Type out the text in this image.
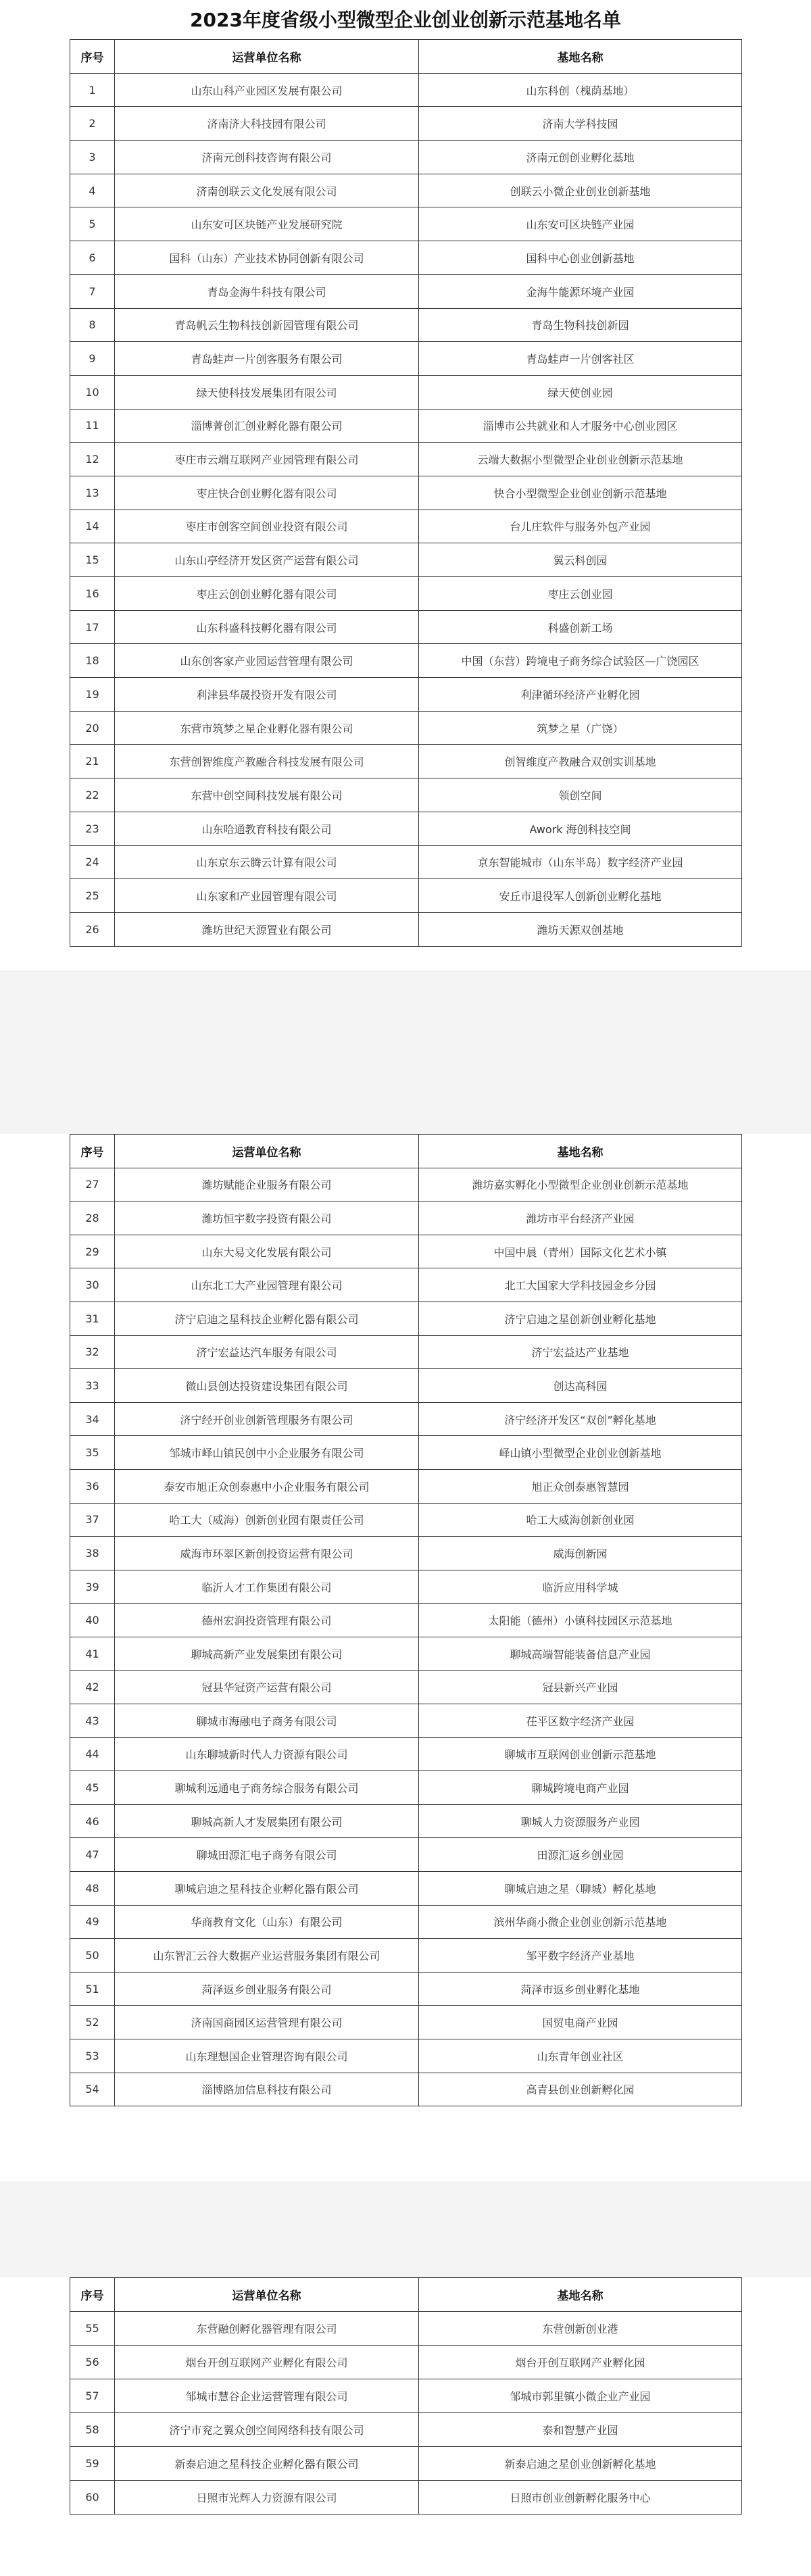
2023年度省级小型微型企业创业创新示范基地名单
序号	运营单位名称	基地名称
1	山东山科产业园区发展有限公司	山东科创（槐荫基地）
2	济南济大科技园有限公司	济南大学科技园
3	济南元创科技咨询有限公司	济南元创创业孵化基地
4	济南创联云文化发展有限公司	创联云小微企业创业创新基地
5	山东安可区块链产业发展研究院	山东安可区块链产业园
6	国科（山东）产业技术协同创新有限公司	国科中心创业创新基地
7	青岛金海牛科技有限公司	金海牛能源环境产业园
8	青岛帆云生物科技创新园管理有限公司	青岛生物科技创新园
9	青岛蛙声一片创客服务有限公司	青岛蛙声一片创客社区
10	绿天使科技发展集团有限公司	绿天使创业园
11	淄博菁创汇创业孵化器有限公司	淄博市公共就业和人才服务中心创业园区
12	枣庄市云端互联网产业园管理有限公司	云端大数据小型微型企业创业创新示范基地
13	枣庄快合创业孵化器有限公司	快合小型微型企业创业创新示范基地
14	枣庄市创客空间创业投资有限公司	台儿庄软件与服务外包产业园
15	山东山亭经济开发区资产运营有限公司	翼云科创园
16	枣庄云创创业孵化器有限公司	枣庄云创业园
17	山东科盛科技孵化器有限公司	科盛创新工场
18	山东创客家产业园运营管理有限公司	中国（东营）跨境电子商务综合试验区—广饶园区
19	利津县华晟投资开发有限公司	利津循环经济产业孵化园
20	东营市筑梦之星企业孵化器有限公司	筑梦之星（广饶）
21	东营创智维度产教融合科技发展有限公司	创智维度产教融合双创实训基地
22	东营中创空间科技发展有限公司	领创空间
23	山东哈通教育科技有限公司	Awork 海创科技空间
24	山东京东云腾云计算有限公司	京东智能城市（山东半岛）数字经济产业园
25	山东家和产业园管理有限公司	安丘市退役军人创新创业孵化基地
26	潍坊世纪天源置业有限公司	潍坊天源双创基地
序号	运营单位名称	基地名称
27	潍坊赋能企业服务有限公司	潍坊嘉实孵化小型微型企业创业创新示范基地
28	潍坊恒宇数字投资有限公司	潍坊市平台经济产业园
29	山东大易文化发展有限公司	中国中晨（青州）国际文化艺术小镇
30	山东北工大产业园管理有限公司	北工大国家大学科技园金乡分园
31	济宁启迪之星科技企业孵化器有限公司	济宁启迪之星创新创业孵化基地
32	济宁宏益达汽车服务有限公司	济宁宏益达产业基地
33	微山县创达投资建设集团有限公司	创达高科园
34	济宁经开创业创新管理服务有限公司	济宁经济开发区“双创”孵化基地
35	邹城市峄山镇民创中小企业服务有限公司	峄山镇小型微型企业创业创新基地
36	泰安市旭正众创泰惠中小企业服务有限公司	旭正众创泰惠智慧园
37	哈工大（威海）创新创业园有限责任公司	哈工大威海创新创业园
38	威海市环翠区新创投资运营有限公司	威海创新园
39	临沂人才工作集团有限公司	临沂应用科学城
40	德州宏润投资管理有限公司	太阳能（德州）小镇科技园区示范基地
41	聊城高新产业发展集团有限公司	聊城高端智能装备信息产业园
42	冠县华冠资产运营有限公司	冠县新兴产业园
43	聊城市海融电子商务有限公司	茌平区数字经济产业园
44	山东聊城新时代人力资源有限公司	聊城市互联网创业创新示范基地
45	聊城利远通电子商务综合服务有限公司	聊城跨境电商产业园
46	聊城高新人才发展集团有限公司	聊城人力资源服务产业园
47	聊城田源汇电子商务有限公司	田源汇返乡创业园
48	聊城启迪之星科技企业孵化器有限公司	聊城启迪之星（聊城）孵化基地
49	华商教育文化（山东）有限公司	滨州华商小微企业创业创新示范基地
50	山东智汇云谷大数据产业运营服务集团有限公司	邹平数字经济产业基地
51	菏泽返乡创业服务有限公司	菏泽市返乡创业孵化基地
52	济南国商园区运营管理有限公司	国贸电商产业园
53	山东理想国企业管理咨询有限公司	山东青年创业社区
54	淄博路加信息科技有限公司	高青县创业创新孵化园
序号	运营单位名称	基地名称
55	东营融创孵化器管理有限公司	东营创新创业港
56	烟台开创互联网产业孵化有限公司	烟台开创互联网产业孵化园
57	邹城市慧谷企业运营管理有限公司	邹城市郭里镇小微企业产业园
58	济宁市兖之翼众创空间网络科技有限公司	泰和智慧产业园
59	新泰启迪之星科技企业孵化器有限公司	新泰启迪之星创业创新孵化基地
60	日照市光辉人力资源有限公司	日照市创业创新孵化服务中心
